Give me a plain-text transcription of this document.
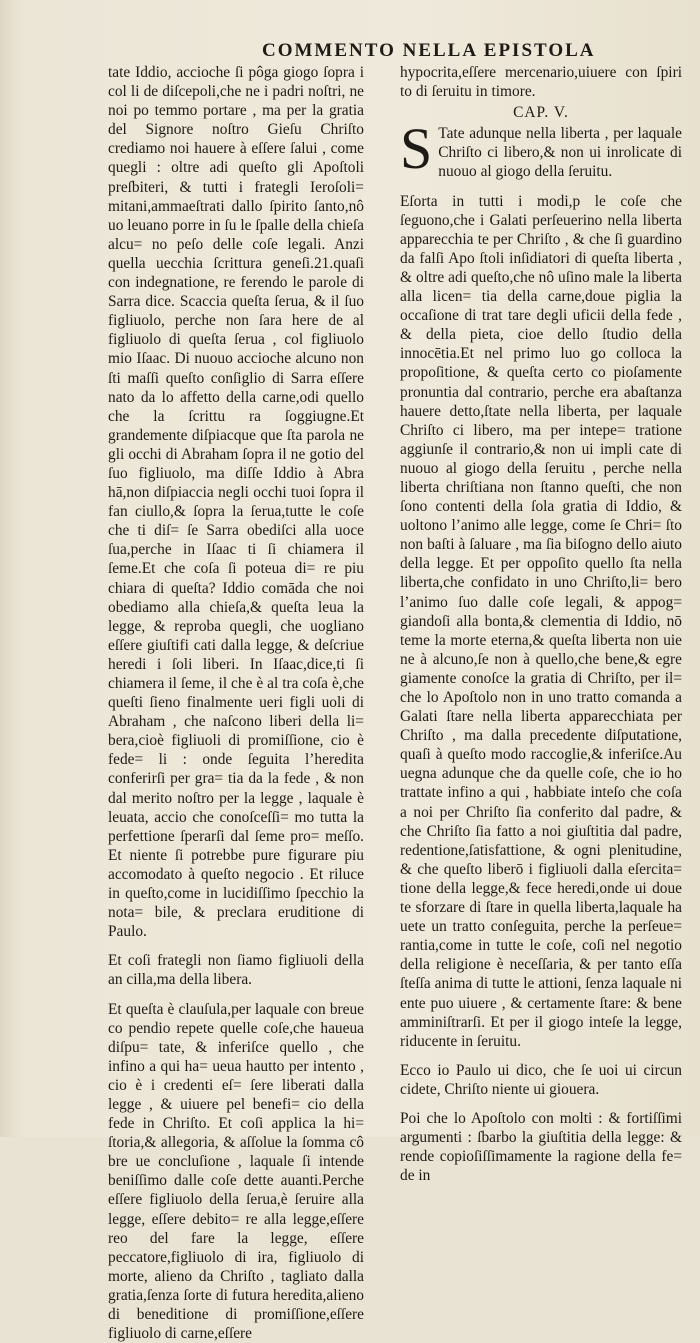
COMMENTO NELLA EPISTOLA

tate Iddio, accioche ſi pôga giogo ſopra i col li de diſcepoli,che ne i padri noſtri, ne noi po temmo portare , ma per la gratia del Signore noſtro Gieſu Chriſto crediamo noi hauere à eſſere ſalui , come quegli : oltre adi queſto gli Apoſtoli preſbiteri, & tutti i frategli Ieroſoli= mitani,ammaeſtrati dallo ſpirito ſanto,nô uo leuano porre in ſu le ſpalle della chieſa alcu= no peſo delle coſe legali. Anzi quella uecchia ſcrittura geneſi.21.quaſi con indegnatione, re ferendo le parole di Sarra dice. Scaccia queſta ſerua, & il ſuo figliuolo, perche non ſara here de al figliuolo di queſta ſerua , col figliuolo mio Iſaac. Di nuouo accioche alcuno non ſti maſſi queſto conſiglio di Sarra eſſere nato da lo affetto della carne,odi quello che la ſcrittu ra ſoggiugne.Et grandemente diſpiacque que ſta parola ne gli occhi di Abraham ſopra il ne gotio del ſuo figliuolo, ma diſſe Iddio à Abra hā,non diſpiaccia negli occhi tuoi ſopra il fan ciullo,& ſopra la ſerua,tutte le coſe che ti diſ= ſe Sarra obediſci alla uoce ſua,perche in Iſaac ti ſi chiamera il ſeme.Et che coſa ſi poteua di= re piu chiara di queſta? Iddio comāda che noi obediamo alla chieſa,& queſta leua la legge, & reproba quegli, che uogliano eſſere giuſtifi cati dalla legge, & deſcriue heredi i ſoli liberi. In Iſaac,dice,ti ſi chiamera il ſeme, il che è al tra coſa è,che queſti ſieno finalmente ueri figli uoli di Abraham , che naſcono liberi della li= bera,cioè figliuoli di promiſſione, cio è fede= li : onde ſeguita l’heredita conferirſi per gra= tia da la fede , & non dal merito noſtro per la legge , laquale è leuata, accio che conoſceſſi= mo tutta la perfettione ſperarſi dal ſeme pro= meſſo. Et niente ſi potrebbe pure figurare piu accomodato à queſto negocio . Et riluce in queſto,come in lucidiſſimo ſpecchio la nota= bile, & preclara eruditione di Paulo.

Et coſi frategli non ſiamo figliuoli della an cilla,ma della libera.

Et queſta è clauſula,per laquale con breue co pendio repete quelle coſe,che haueua diſpu= tate, & inferiſce quello , che infino a qui ha= ueua hautto per intento , cio è i credenti eſ= ſere liberati dalla legge , & uiuere pel benefi= cio della fede in Chriſto. Et coſi applica la hi= ſtoria,& allegoria, & aſſolue la ſomma cô bre ue concluſione , laquale ſi intende beniſſimo dalle coſe dette auanti.Perche eſſere figliuolo della ſerua,è ſeruire alla legge, eſſere debito= re alla legge,eſſere reo del fare la legge, eſſere peccatore,figliuolo di ira, figliuolo di morte, alieno da Chriſto , tagliato dalla gratia,ſenza ſorte di futura heredita,alieno di beneditione di promiſſione,eſſere figliuolo di carne,eſſere

hypocrita,eſſere mercenario,uiuere con ſpiri to di ſeruitu in timore.

CAP. V.

S Tate adunque nella liberta , per laquale Chriſto ci libero,& non ui inrolicate di nuouo al giogo della ſeruitu.

Eſorta in tutti i modi,p le coſe che ſeguono,che i Galati perſeuerino nella liberta apparecchia te per Chriſto , & che ſi guardino da falſi Apo ſtoli inſidiatori di queſta liberta , & oltre adi queſto,che nô uſino male la liberta alla licen= tia della carne,doue piglia la occaſione di trat tare degli uficii della fede , & della pieta, cioe dello ſtudio della innocētia.Et nel primo luo go colloca la propoſitione, & queſta certo co pioſamente pronuntia dal contrario, perche era abaſtanza hauere detto,ſtate nella liberta, per laquale Chriſto ci libero, ma per intepe= tratione aggiunſe il contrario,& non ui impli cate di nuouo al giogo della ſeruitu , perche nella liberta chriſtiana non ſtanno queſti, che non ſono contenti della ſola gratia di Iddio, & uoltono l’animo alle legge, come ſe Chri= ſto non baſti à ſaluare , ma ſia biſogno dello aiuto della legge. Et per oppoſito quello ſta nella liberta,che confidato in uno Chriſto,li= bero l’animo ſuo dalle coſe legali, & appog= giandoſi alla bonta,& clementia di Iddio, nō teme la morte eterna,& queſta liberta non uie ne à alcuno,ſe non à quello,che bene,& egre giamente conoſce la gratia di Chriſto, per il= che lo Apoſtolo non in uno tratto comanda a Galati ſtare nella liberta apparecchiata per Chriſto , ma dalla precedente diſputatione, quaſi à queſto modo raccoglie,& inferiſce.Au uegna adunque che da quelle coſe, che io ho trattate infino a qui , habbiate inteſo che coſa a noi per Chriſto ſia conferito dal padre, & che Chriſto ſia fatto a noi giuſtitia dal padre, redentione,ſatisfattione, & ogni plenitudine, & che queſto liberō i figliuoli dalla eſercita= tione della legge,& fece heredi,onde ui doue te sforzare di ſtare in quella liberta,laquale ha uete un tratto conſeguita, perche la perſeue= rantia,come in tutte le coſe, coſi nel negotio della religione è neceſſaria, & per tanto eſſa ſteſſa anima di tutte le attioni, ſenza laquale ni ente puo uiuere , & certamente ſtare: & bene amminiſtrarſi. Et per il giogo inteſe la legge, riducente in ſeruitu.

Ecco io Paulo ui dico, che ſe uoi ui circun cidete, Chriſto niente ui giouera.

Poi che lo Apoſtolo con molti : & fortiſſimi argumenti : ſbarbo la giuſtitia della legge: & rende copioſiſſimamente la ragione della fe= de in
